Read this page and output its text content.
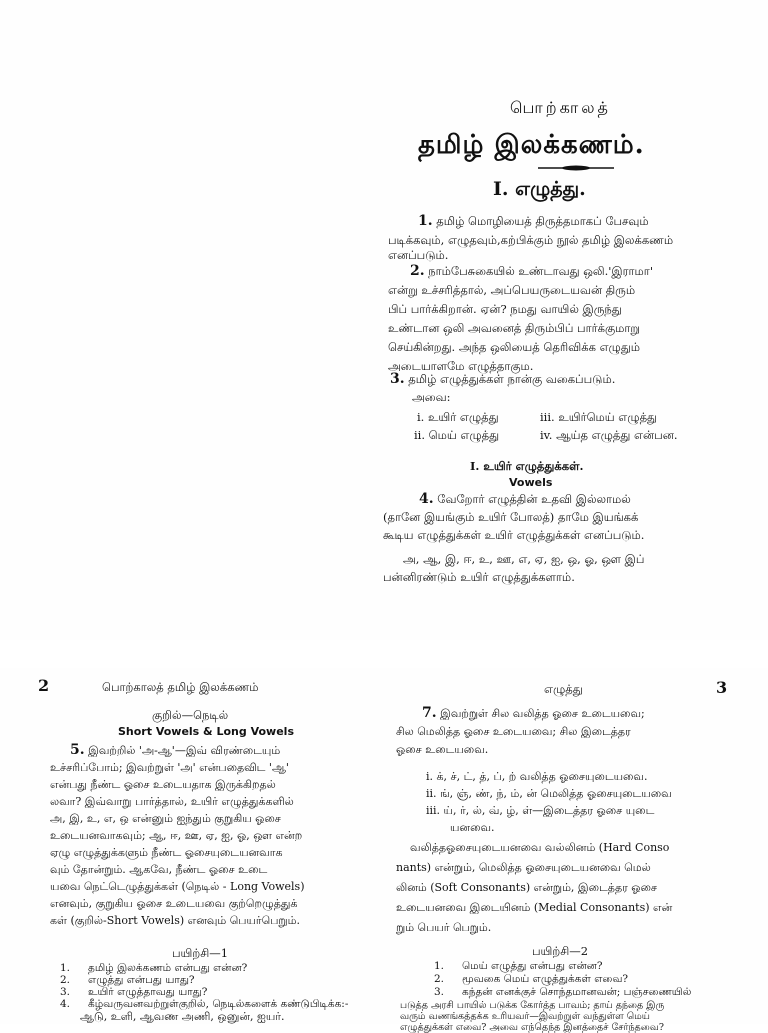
பொற்காலத்
தமிழ் இலக்கணம்.
I. எழுத்து.
1. தமிழ் மொழியைத் திருத்தமாகப் பேசவும்
படிக்கவும், எழுதவும்,கற்பிக்கும் நூல் தமிழ் இலக்கணம்
எனப்படும்.
2. நாம்பேசுகையில் உண்டாவது ஒலி.'இராமா'
என்று உச்சரித்தால், அப்பெயருடையவன் திரும்
பிப் பார்க்கிறான். ஏன்? நமது வாயில் இருந்து
உண்டான ஒலி அவனைத் திரும்பிப் பார்க்குமாறு
செய்கின்றது. அந்த ஒலியைத் தெரிவிக்க எழுதும்
அடையாளமே எழுத்தாகும.
3. தமிழ் எழுத்துக்கள் நான்கு வகைப்படும்.
அவை:
i. உயிர் எழுத்து	iii. உயிர்மெய் எழுத்து
ii. மெய் எழுத்து	iv. ஆய்த எழுத்து என்பன.
I. உயிர் எழுத்துக்கள்.
Vowels
4. வேறோர் எழுத்தின் உதவி இல்லாமல்
(தானே இயங்கும் உயிர் போலத்) தாமே இயங்கக்
கூடிய எழுத்துக்கள் உயிர் எழுத்துக்கள் எனப்படும்.
அ, ஆ, இ, ஈ, உ, ஊ, எ, ஏ, ஐ, ஒ, ஓ, ஔ இப்
பன்னிரண்டும் உயிர் எழுத்துக்களாம்.
2	பொற்காலத் தமிழ் இலக்கணம்
குறில்—நெடில்
Short Vowels & Long Vowels
5. இவற்றில் 'அ-ஆ'—இவ் விரண்டையும்
உச்சரிப்போம்; இவற்றுள் 'அ' என்பதைவிட 'ஆ'
என்பது நீண்ட ஓசை உடையதாக இருக்கிறதல்
லவா? இவ்வாறு பார்த்தால், உயிர் எழுத்துக்களில்
அ, இ, உ, எ, ஒ என்னும் ஐந்தும் குறுகிய ஓசை
உடையனவாகவும்; ஆ, ஈ, ஊ, ஏ, ஐ, ஓ, ஔ என்ற
ஏழு எழுத்துக்களும் நீண்ட ஓசையுடையனவாக
வும் தோன்றும். ஆகவே, நீண்ட ஓசை உடை
யவை நெட்டெழுத்துக்கள் (நெடில் - Long Vowels)
எனவும், குறுகிய ஓசை உடையவை குற்றெழுத்துக்
கள் (குறில்-Short Vowels) எனவும் பெயர்பெறும்.
பயிற்சி—1
1.	தமிழ் இலக்கணம் என்பது என்ன?
2.	எழுத்து என்பது யாது?
3.	உயிர் எழுத்தாவது யாது?
4.	கீழ்வருவனவற்றுள்குறில், நெடில்களைக் கண்டுபிடிக்க:-
ஆடு, உளி, ஆவண அணி, ஒனுன், ஐயர்.
எழுத்து	3
7. இவற்றுள் சில வலித்த ஓசை உடையவை;
சில மெலித்த ஓசை உடையவை; சில இடைத்தர
ஓசை உடையவை.
i. க், ச், ட், த், ப், ற் வலித்த ஓசையுடையவை.
ii. ங், ஞ், ண், ந், ம், ன் மெலித்த ஓசையுடையவை
iii. ய், ர், ல், வ், ழ், ள்—இடைத்தர ஓசை யுடை
யனவை.
வலித்தஓசையுடையனவை வல்லினம் (Hard Conso
nants) என்றும், மெலித்த ஓசையுடையனவை மெல்
லினம் (Soft Consonants) என்றும், இடைத்தர ஓசை
உடையனவை இடையினம் (Medial Consonants) என்
றும் பெயர் பெறும்.
பயிற்சி—2
1.	மெய் எழுத்து என்பது என்ன?
2.	மூவகை மெய் எழுத்துக்கள் எவை?
3.	கந்தன் எனக்குச் சொந்தமானவன்; பஞ்சணையில்
படுத்த அரசி பாயில் படுக்க கோர்த்த பாவம்; தாய் தந்தை இரு
வரும் வணங்கத்தக்க உரியவர்—இவற்றுள் வந்துள்ள மெய்
எழுத்துக்கள் எவை? அவை எந்தெந்த இனத்தைச் சேர்ந்தவை?
